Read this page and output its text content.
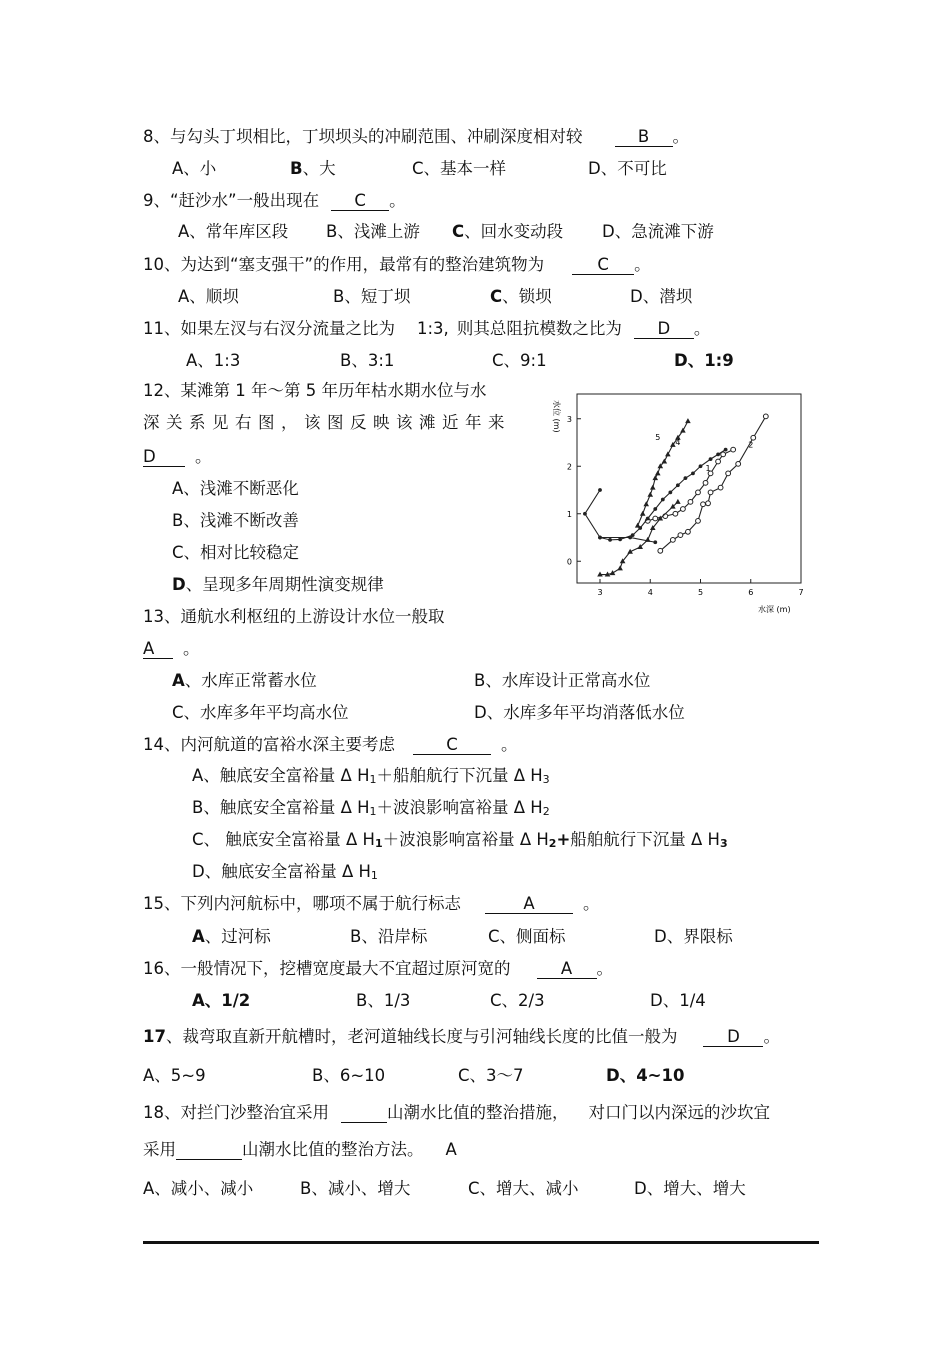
8、与勾头丁坝相比，丁坝坝头的冲刷范围、冲刷深度相对较	B 。
A、小	B、大	C、基本一样	D、不可比
9、“赶沙水”一般出现在 C 。
A、常年库区段 B、浅滩上游 C、回水变动段 D、急流滩下游
10、为达到“塞支强干”的作用，最常有的整治建筑物为	C 。
A、顺坝	B、短丁坝	C、锁坝	D、潜坝
11、如果左汊与右汊分流量之比为 1:3, 则其总阻抗模数之比为 D 。
A、1:3	B、3:1	C、9:1	D、1:9
12、某滩第 1 年～第 5 年历年枯水期水位与水
深关系见右图，该图反映该滩近年来
D 。
A、浅滩不断恶化
B、浅滩不断改善
C、相对比较稳定
D、呈现多年周期性演变规律	3	4	5	6	7
0
1
2
3
1
2
4
5
水位 (m)
水深 (m)
13、通航水利枢纽的上游设计水位一般取
A 。
A、水库正常蓄水位	B、水库设计正常高水位
C、水库多年平均高水位	D、水库多年平均消落低水位
14、内河航道的富裕水深主要考虑	C	。
A、触底安全富裕量 Δ $H_1+$船舶航行下沉量 Δ $H_3$
B、触底安全富裕量 Δ $H_1+$波浪影响富裕量 Δ $H_2$
C、 触底安全富裕量 Δ $H_1+$波浪影响富裕量 Δ $H_2+$船舶航行下沉量 Δ $H_3$
D、触底安全富裕量 Δ $H_1$
15、下列内河航标中，哪项不属于航行标志	A	。
A、过河标	B、沿岸标	C、侧面标	D、界限标
16、一般情况下，挖槽宽度最大不宜超过原河宽的	A 。
A、1/2	B、1/3	C、2/3	D、1/4
17、裁弯取直新开航槽时，老河道轴线长度与引河轴线长度的比值一般为	D 。
A、5~9	B、6~10	C、3～7	D、4~10
18、对拦门沙整治宜采用	山潮水比值的整治措施， 对口门以内深远的沙坎宜
采用	山潮水比值的整治方法。 A
A、减小、减小	B、减小、增大	C、增大、减小	D、增大、增大
